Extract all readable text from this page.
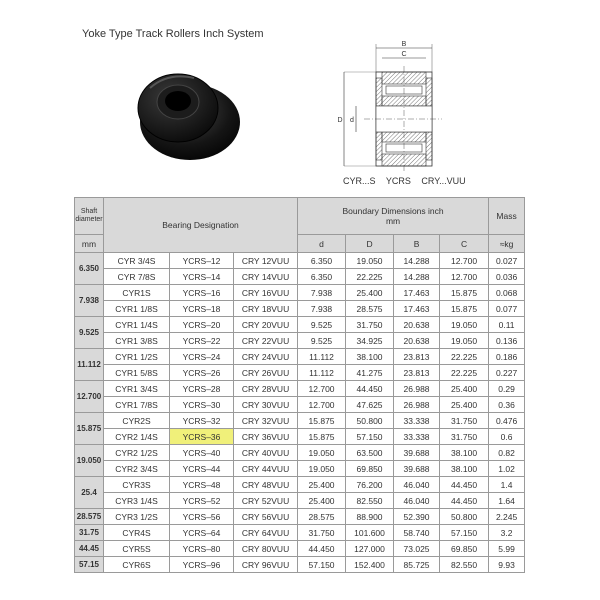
Yoke Type Track Rollers Inch System
B
C
D d
CYR...S YCRS CRY...VUU
Shaft
diameter	Bearing Designation			Boundary Dimensions inch
mm				Mass
mm				d	D	B	C	≈kg
6.350	CYR 3/4S	YCRS–12	CRY 12VUU	6.350	19.050	14.288	12.700	0.027
	CYR 7/8S	YCRS–14	CRY 14VUU	6.350	22.225	14.288	12.700	0.036
7.938	CYR1S	YCRS–16	CRY 16VUU	7.938	25.400	17.463	15.875	0.068
	CYR1 1/8S	YCRS–18	CRY 18VUU	7.938	28.575	17.463	15.875	0.077
9.525	CYR1 1/4S	YCRS–20	CRY 20VUU	9.525	31.750	20.638	19.050	0.11
	CYR1 3/8S	YCRS–22	CRY 22VUU	9.525	34.925	20.638	19.050	0.136
11.112	CYR1 1/2S	YCRS–24	CRY 24VUU	11.112	38.100	23.813	22.225	0.186
	CYR1 5/8S	YCRS–26	CRY 26VUU	11.112	41.275	23.813	22.225	0.227
12.700	CYR1 3/4S	YCRS–28	CRY 28VUU	12.700	44.450	26.988	25.400	0.29
	CYR1 7/8S	YCRS–30	CRY 30VUU	12.700	47.625	26.988	25.400	0.36
15.875	CYR2S	YCRS–32	CRY 32VUU	15.875	50.800	33.338	31.750	0.476
	CYR2 1/4S	YCRS–36	CRY 36VUU	15.875	57.150	33.338	31.750	0.6
19.050	CYR2 1/2S	YCRS–40	CRY 40VUU	19.050	63.500	39.688	38.100	0.82
	CYR2 3/4S	YCRS–44	CRY 44VUU	19.050	69.850	39.688	38.100	1.02
25.4	CYR3S	YCRS–48	CRY 48VUU	25.400	76.200	46.040	44.450	1.4
	CYR3 1/4S	YCRS–52	CRY 52VUU	25.400	82.550	46.040	44.450	1.64
28.575	CYR3 1/2S	YCRS–56	CRY 56VUU	28.575	88.900	52.390	50.800	2.245
31.75	CYR4S	YCRS–64	CRY 64VUU	31.750	101.600	58.740	57.150	3.2
44.45	CYR5S	YCRS–80	CRY 80VUU	44.450	127.000	73.025	69.850	5.99
57.15	CYR6S	YCRS–96	CRY 96VUU	57.150	152.400	85.725	82.550	9.93
